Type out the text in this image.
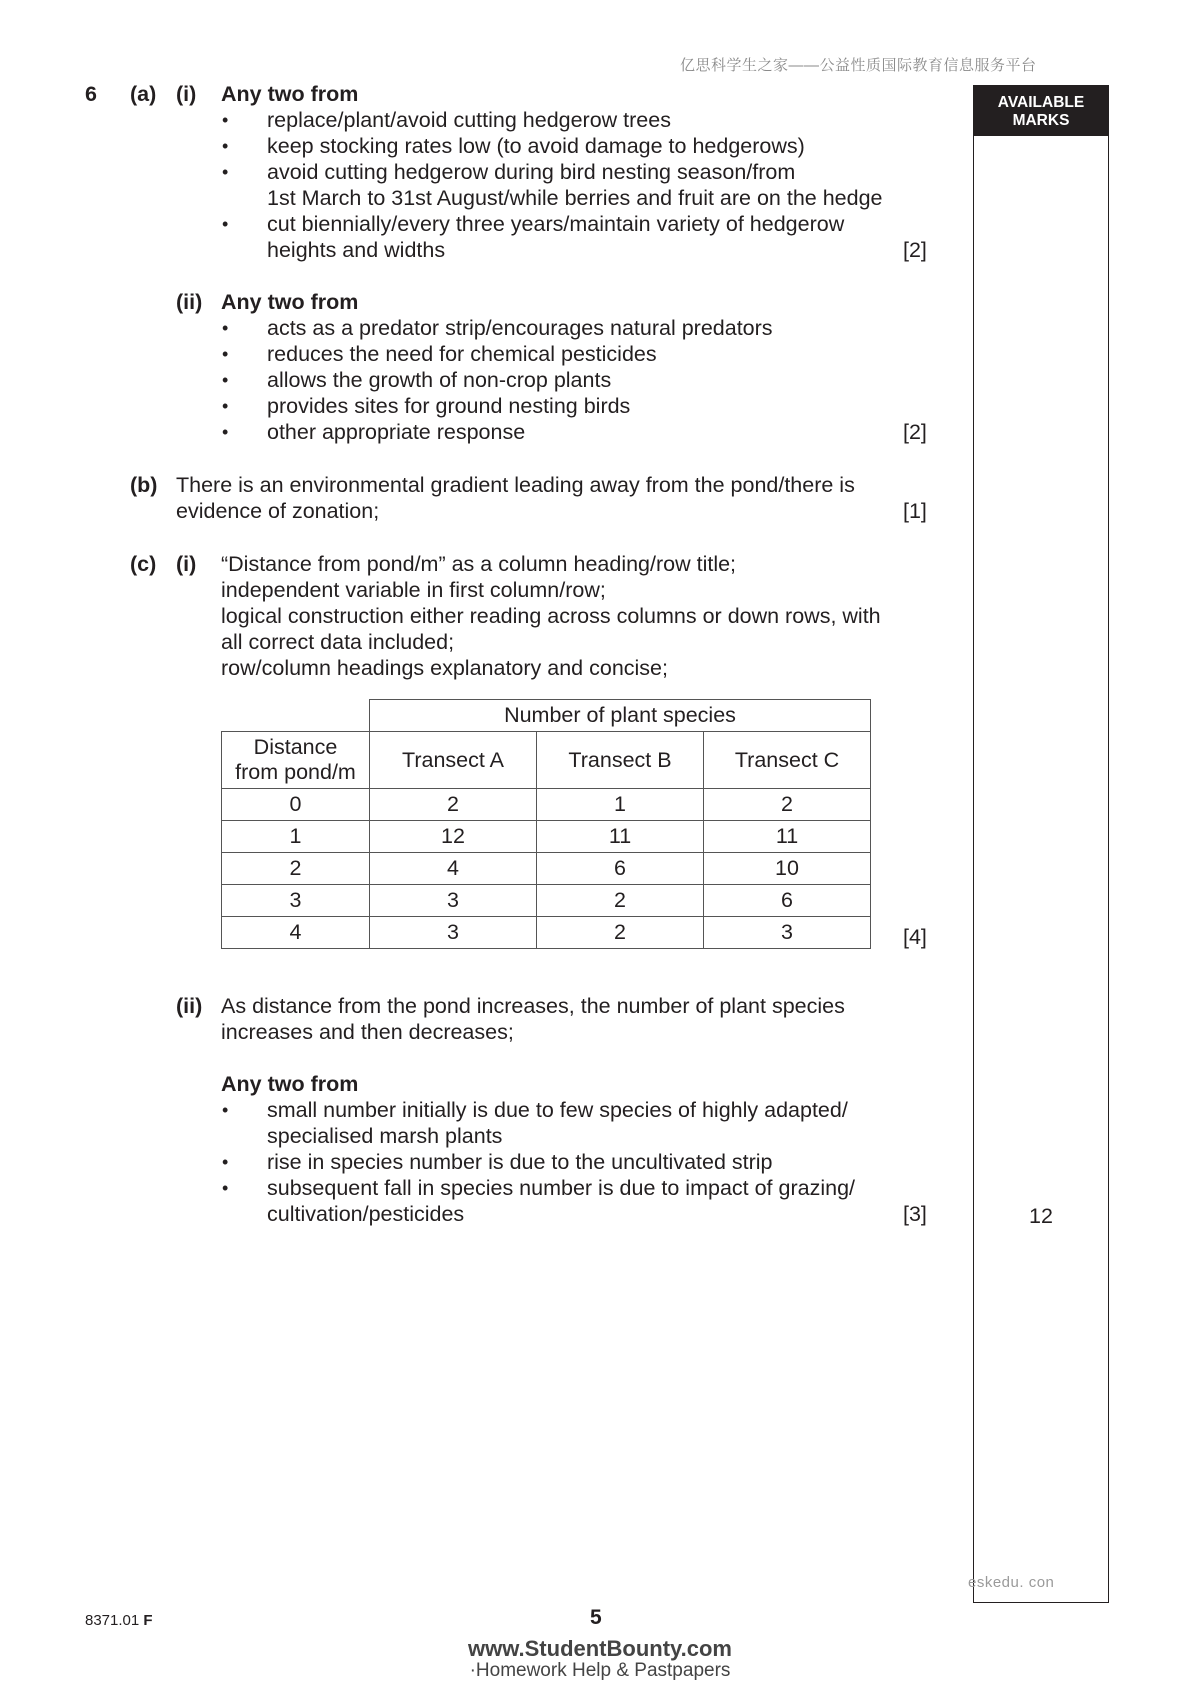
亿思科学生之家——公益性质国际教育信息服务平台
AVAILABLE
MARKS
12
6 (a) (i) Any two from
• replace/plant/avoid cutting hedgerow trees
• keep stocking rates low (to avoid damage to hedgerows)
• avoid cutting hedgerow during bird nesting season/from
1st March to 31st August/while berries and fruit are on the hedge
• cut biennially/every three years/maintain variety of hedgerow
heights and widths	[2]
(ii) Any two from
• acts as a predator strip/encourages natural predators
• reduces the need for chemical pesticides
• allows the growth of non-crop plants
• provides sites for ground nesting birds
• other appropriate response	[2]
(b) There is an environmental gradient leading away from the pond/there is
evidence of zonation;	[1]
(c) (i) “Distance from pond/m” as a column heading/row title;
independent variable in first column/row;
logical construction either reading across columns or down rows, with
all correct data included;
row/column headings explanatory and concise;
	Number of plant species		

Distance
from pond/m	Transect A	Transect B	Transect C
0	2	1	2
1	12	11	11
2	4	6	10
3	3	2	6
4	3	2	3	[4]
(ii) As distance from the pond increases, the number of plant species
increases and then decreases;
Any two from
• small number initially is due to few species of highly adapted/
specialised marsh plants
• rise in species number is due to the uncultivated strip
• subsequent fall in species number is due to impact of grazing/
cultivation/pesticides	[3]
eskedu. con
8371.01 F	5
www.StudentBounty.com
·Homework Help & Pastpapers
